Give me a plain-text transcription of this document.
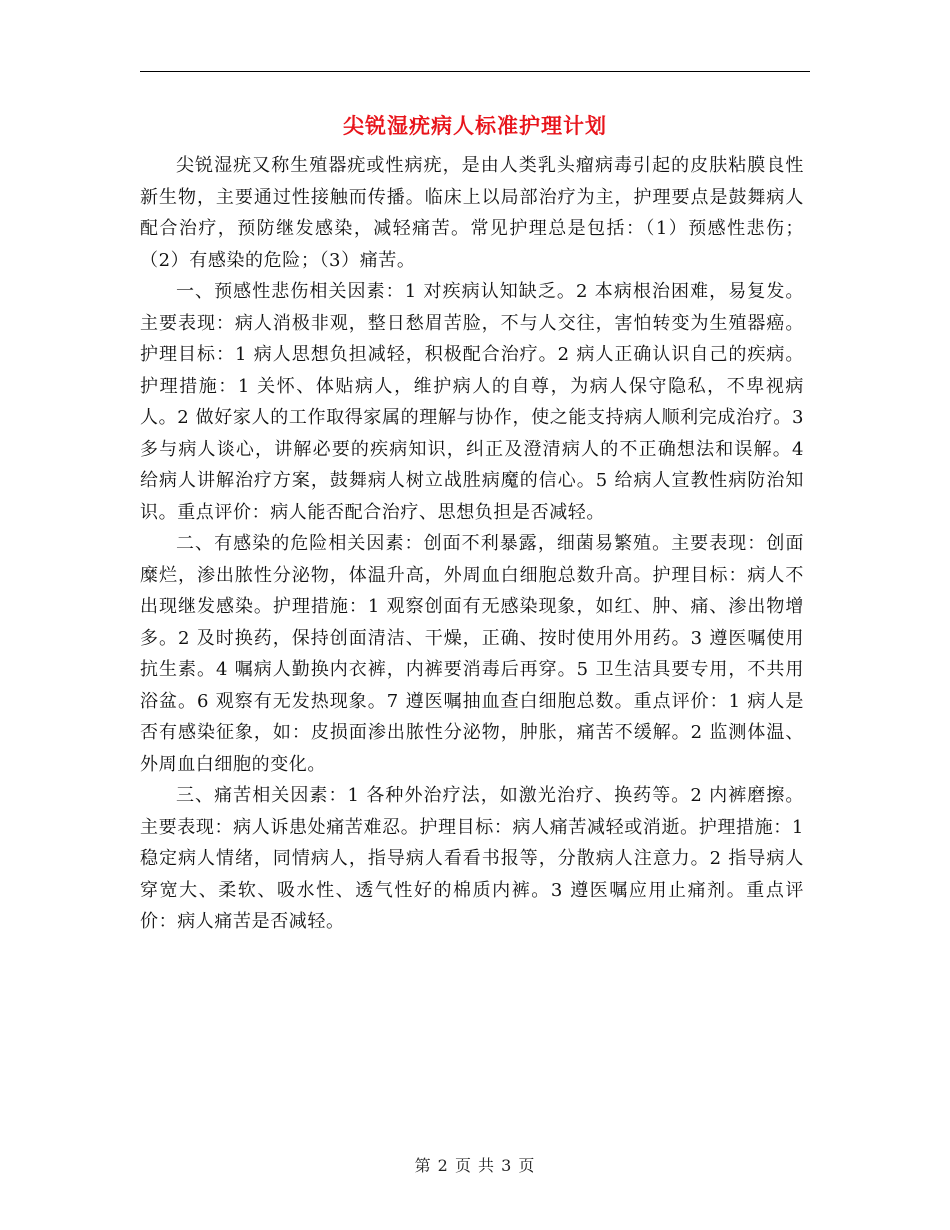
尖锐湿疣病人标准护理计划

尖锐湿疣又称生殖器疣或性病疣，是由人类乳头瘤病毒引起的皮肤粘膜良性新生物，主要通过性接触而传播。临床上以局部治疗为主，护理要点是鼓舞病人配合治疗，预防继发感染，减轻痛苦。常见护理总是包括：（1）预感性悲伤；（2）有感染的危险；（3）痛苦。

一、预感性悲伤相关因素：1 对疾病认知缺乏。2 本病根治困难，易复发。主要表现：病人消极非观，整日愁眉苦脸，不与人交往，害怕转变为生殖器癌。护理目标：1 病人思想负担减轻，积极配合治疗。2 病人正确认识自己的疾病。护理措施：1 关怀、体贴病人，维护病人的自尊，为病人保守隐私，不卑视病人。2 做好家人的工作取得家属的理解与协作，使之能支持病人顺利完成治疗。3 多与病人谈心，讲解必要的疾病知识，纠正及澄清病人的不正确想法和误解。4 给病人讲解治疗方案，鼓舞病人树立战胜病魔的信心。5 给病人宣教性病防治知识。重点评价：病人能否配合治疗、思想负担是否减轻。

二、有感染的危险相关因素：创面不利暴露，细菌易繁殖。主要表现：创面糜烂，渗出脓性分泌物，体温升高，外周血白细胞总数升高。护理目标：病人不出现继发感染。护理措施：1 观察创面有无感染现象，如红、肿、痛、渗出物增多。2 及时换药，保持创面清洁、干燥，正确、按时使用外用药。3 遵医嘱使用抗生素。4 嘱病人勤换内衣裤，内裤要消毒后再穿。5 卫生洁具要专用，不共用浴盆。6 观察有无发热现象。7 遵医嘱抽血查白细胞总数。重点评价：1 病人是否有感染征象，如：皮损面渗出脓性分泌物，肿胀，痛苦不缓解。2 监测体温、外周血白细胞的变化。

三、痛苦相关因素：1 各种外治疗法，如激光治疗、换药等。2 内裤磨擦。主要表现：病人诉患处痛苦难忍。护理目标：病人痛苦减轻或消逝。护理措施：1 稳定病人情绪，同情病人，指导病人看看书报等，分散病人注意力。2 指导病人穿宽大、柔软、吸水性、透气性好的棉质内裤。3 遵医嘱应用止痛剂。重点评价：病人痛苦是否减轻。

第 2 页 共 3 页
